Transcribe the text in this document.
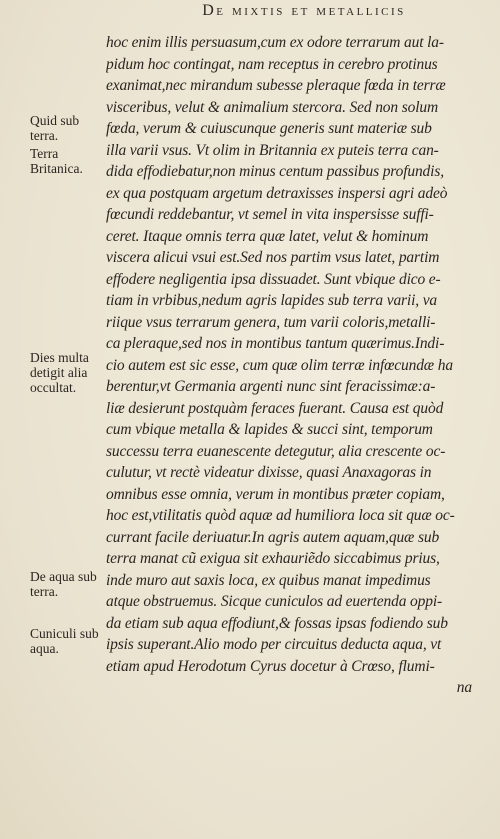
De mixtis et metallicis
hoc enim illis persuasum,cum ex odore terrarum aut la-
pidum hoc contingat, nam receptus in cerebro protinus
exanimat,nec mirandum subesse pleraque fœda in terræ
visceribus, velut & animalium stercora. Sed non solum
fœda, verum & cuiuscunque generis sunt materiæ sub
illa varii vsus. Vt olim in Britannia ex puteis terra can-
dida effodiebatur,non minus centum passibus profundis,
ex qua postquam argetum detraxisses inspersi agri adeò
fœcundi reddebantur, vt semel in vita inspersisse suffi-
ceret. Itaque omnis terra quæ latet, velut & hominum
viscera alicui vsui est.Sed nos partim vsus latet, partim
effodere negligentia ipsa dissuadet. Sunt vbique dico e-
tiam in vrbibus,nedum agris lapides sub terra varii, va
riique vsus terrarum genera, tum varii coloris,metalli-
ca pleraque,sed nos in montibus tantum quærimus.Indi-
cio autem est sic esse, cum quæ olim terræ infœcundæ ha
berentur,vt Germania argenti nunc sint feracissimæ:a-
liæ desierunt postquàm feraces fuerant. Causa est quòd
cum vbique metalla & lapides & succi sint, temporum
successu terra euanescente detegutur, alia crescente oc-
culutur, vt rectè videatur dixisse, quasi Anaxagoras in
omnibus esse omnia, verum in montibus præter copiam,
hoc est,vtilitatis quòd aquæ ad humiliora loca sit quæ oc-
currant facile deriuatur.In agris autem aquam,quæ sub
terra manat cũ exigua sit exhauriẽdo siccabimus prius,
inde muro aut saxis loca, ex quibus manat impedimus
atque obstruemus. Sicque cuniculos ad euertenda oppi-
da etiam sub aqua effodiunt,& fossas ipsas fodiendo sub
ipsis superant.Alio modo per circuitus deducta aqua, vt
etiam apud Herodotum Cyrus docetur à Crœso, flumi-
na
Quid sub terra.
Terra Britanica.
Dies multa detigit alia occultat.
De aqua sub terra.
Cuniculi sub aqua.
